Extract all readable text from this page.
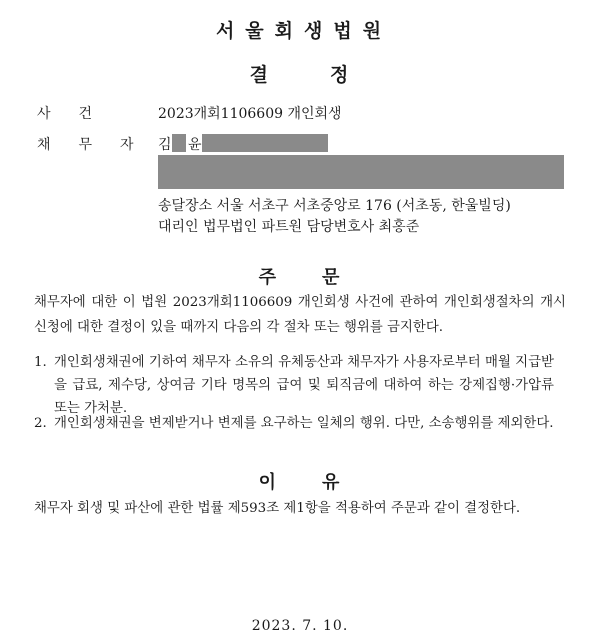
서울회생법원
결정
사건	2023개회1106609 개인회생
채무자
김 윤
송달장소 서울 서초구 서초중앙로 176 (서초동, 한울빌딩)
대리인 법무법인 파트원 담당변호사 최홍준
주문
채무자에 대한 이 법원 2023개회1106609 개인회생 사건에 관하여 개인회생절차의 개시신청에 대한 결정이 있을 때까지 다음의 각 절차 또는 행위를 금지한다.
1. 개인회생채권에 기하여 채무자 소유의 유체동산과 채무자가 사용자로부터 매월 지급받을 급료, 제수당, 상여금 기타 명목의 급여 및 퇴직금에 대하여 하는 강제집행·가압류 또는 가처분.
2. 개인회생채권을 변제받거나 변제를 요구하는 일체의 행위. 다만, 소송행위를 제외한다.
이유
채무자 회생 및 파산에 관한 법률 제593조 제1항을 적용하여 주문과 같이 결정한다.
2023. 7. 10.
